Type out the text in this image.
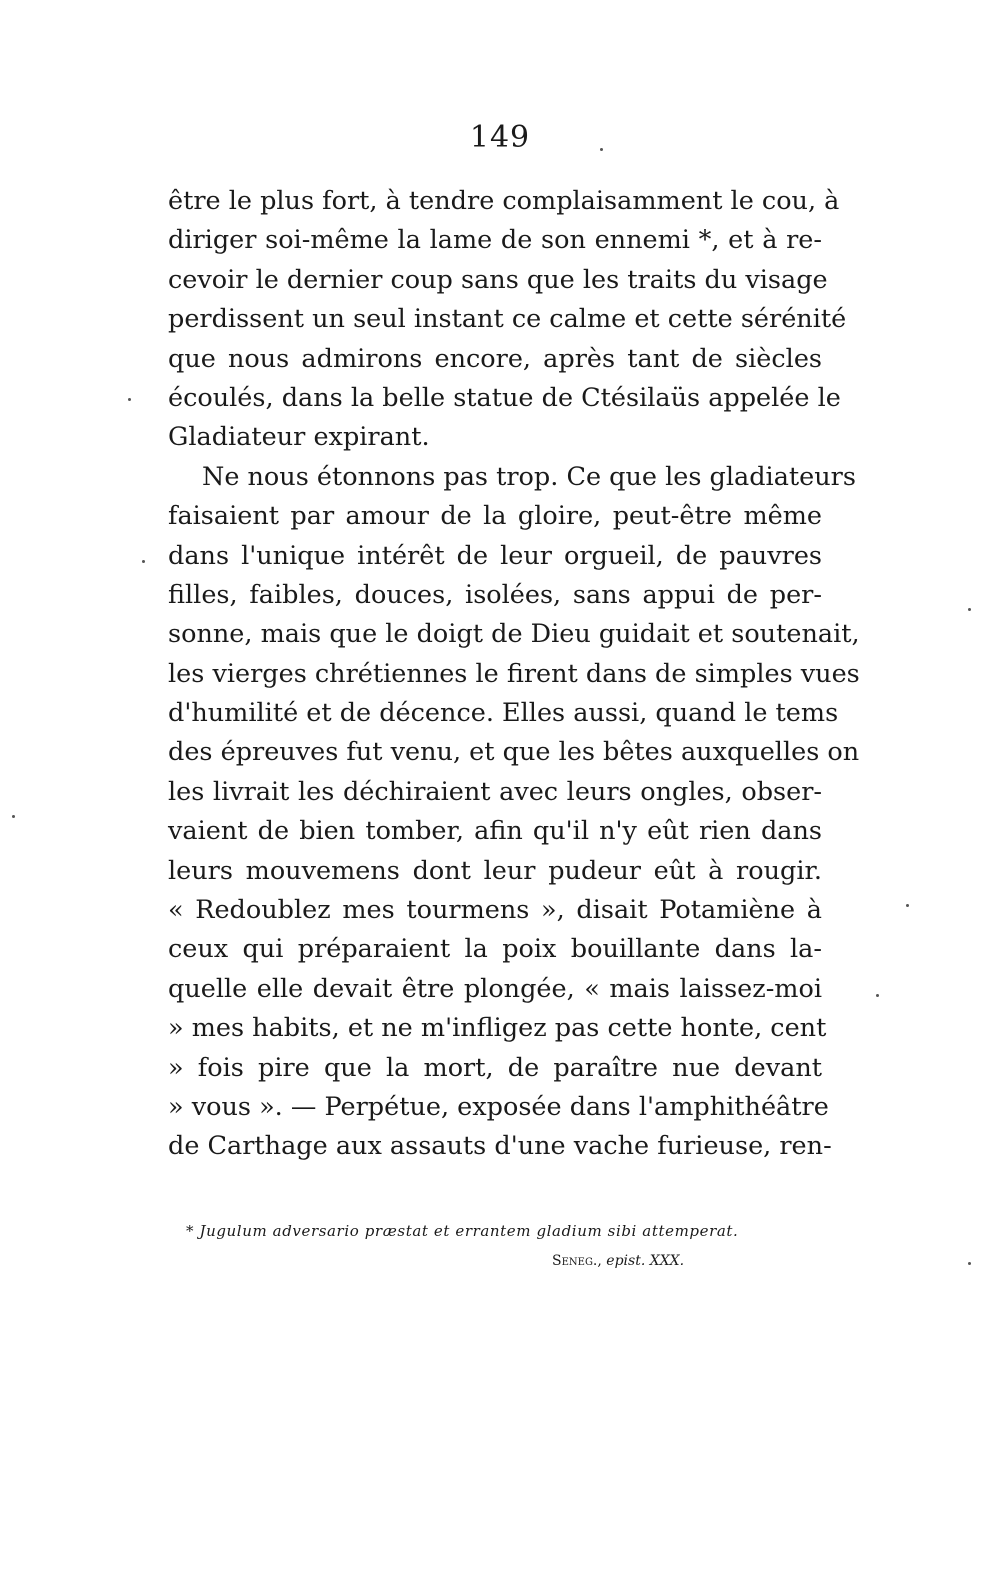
149
être le plus fort, à tendre complaisamment le cou, à
diriger soi-même la lame de son ennemi *, et à re-
cevoir le dernier coup sans que les traits du visage
perdissent un seul instant ce calme et cette sérénité
que nous admirons encore, après tant de siècles
écoulés, dans la belle statue de Ctésilaüs appelée le
Gladiateur expirant.
Ne nous étonnons pas trop. Ce que les gladiateurs
faisaient par amour de la gloire, peut-être même
dans l'unique intérêt de leur orgueil, de pauvres
filles, faibles, douces, isolées, sans appui de per-
sonne, mais que le doigt de Dieu guidait et soutenait,
les vierges chrétiennes le firent dans de simples vues
d'humilité et de décence. Elles aussi, quand le tems
des épreuves fut venu, et que les bêtes auxquelles on
les livrait les déchiraient avec leurs ongles, obser-
vaient de bien tomber, afin qu'il n'y eût rien dans
leurs mouvemens dont leur pudeur eût à rougir.
« Redoublez mes tourmens », disait Potamiène à
ceux qui préparaient la poix bouillante dans la-
quelle elle devait être plongée, « mais laissez-moi
» mes habits, et ne m'infligez pas cette honte, cent
» fois pire que la mort, de paraître nue devant
» vous ». — Perpétue, exposée dans l'amphithéâtre
de Carthage aux assauts d'une vache furieuse, ren-
* Jugulum adversario præstat et errantem gladium sibi attemperat.
Seneg., epist. XXX.
